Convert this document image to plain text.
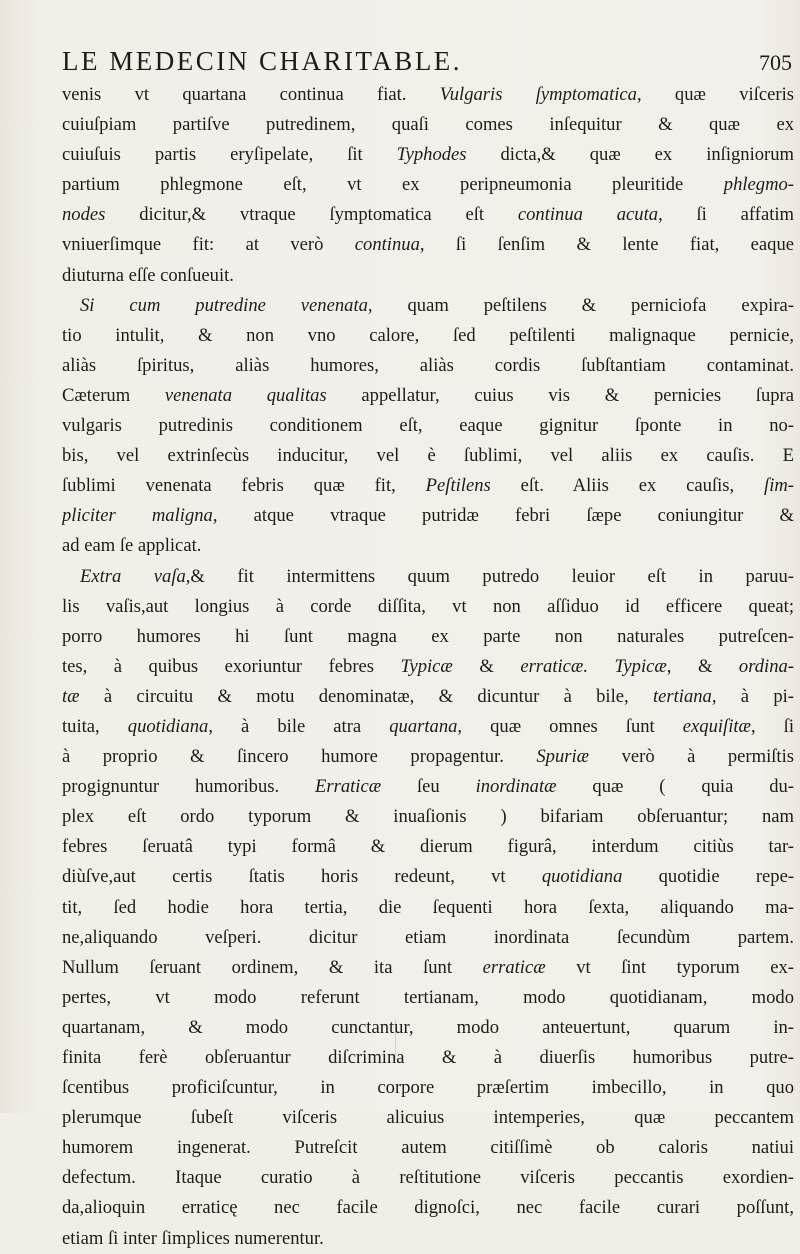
LE MEDECIN CHARITABLE.	705
venis vt quartana continua fiat. Vulgaris ſymptomatica, quæ viſceris
cuiuſpiam partiſve putredinem, quaſi comes inſequitur & quæ ex
cuiuſuis partis eryſipelate, ſit Typhodes dicta,& quæ ex inſigniorum
partium phlegmone eſt, vt ex peripneumonia pleuritide phlegmo-
nodes dicitur,& vtraque ſymptomatica eſt continua acuta, ſi affatim
vniuerſimque fit: at verò continua, ſi ſenſim & lente fiat, eaque
diuturna eſſe conſueuit.
Si cum putredine venenata, quam peſtilens & perniciofa expira-
tio intulit, & non vno calore, ſed peſtilenti malignaque pernicie,
aliàs ſpiritus, aliàs humores, aliàs cordis ſubſtantiam contaminat.
Cæterum venenata qualitas appellatur, cuius vis & pernicies ſupra
vulgaris putredinis conditionem eſt, eaque gignitur ſponte in no-
bis, vel extrinſecùs inducitur, vel è ſublimi, vel aliis ex cauſis. E
ſublimi venenata febris quæ fit, Peſtilens eſt. Aliis ex cauſis, ſim-
pliciter maligna, atque vtraque putridæ febri ſæpe coniungitur &
ad eam ſe applicat.
Extra vaſa,& fit intermittens quum putredo leuior eſt in paruu-
lis vaſis,aut longius à corde diſſita, vt non aſſiduo id efficere queat;
porro humores hi ſunt magna ex parte non naturales putreſcen-
tes, à quibus exoriuntur febres Typicæ & erraticæ. Typicæ, & ordina-
tæ à circuitu & motu denominatæ, & dicuntur à bile, tertiana, à pi-
tuita, quotidiana, à bile atra quartana, quæ omnes ſunt exquiſitæ, ſi
à proprio & ſincero humore propagentur. Spuriæ verò à permiſtis
progignuntur humoribus. Erraticæ ſeu inordinatæ quæ ( quia du-
plex eſt ordo typorum & inuaſionis ) bifariam obſeruantur; nam
febres ſeruatâ typi formâ & dierum figurâ, interdum citiùs tar-
diùſve,aut certis ſtatis horis redeunt, vt quotidiana quotidie repe-
tit, ſed hodie hora tertia, die ſequenti hora ſexta, aliquando ma-
ne,aliquando veſperi. dicitur etiam inordinata ſecundùm partem.
Nullum ſeruant ordinem, & ita ſunt erraticæ vt ſint typorum ex-
pertes, vt modo referunt tertianam, modo quotidianam, modo
quartanam, & modo cunctantur, modo anteuertunt, quarum in-
finita ferè obſeruantur diſcrimina & à diuerſis humoribus putre-
ſcentibus proficiſcuntur, in corpore præſertim imbecillo, in quo
plerumque ſubeſt viſceris alicuius intemperies, quæ peccantem
humorem ingenerat. Putreſcit autem citiſſimè ob caloris natiui
defectum. Itaque curatio à reſtitutione viſceris peccantis exordien-
da,alioquin erraticę nec facile dignoſci, nec facile curari poſſunt,
etiam ſi inter ſimplices numerentur.
